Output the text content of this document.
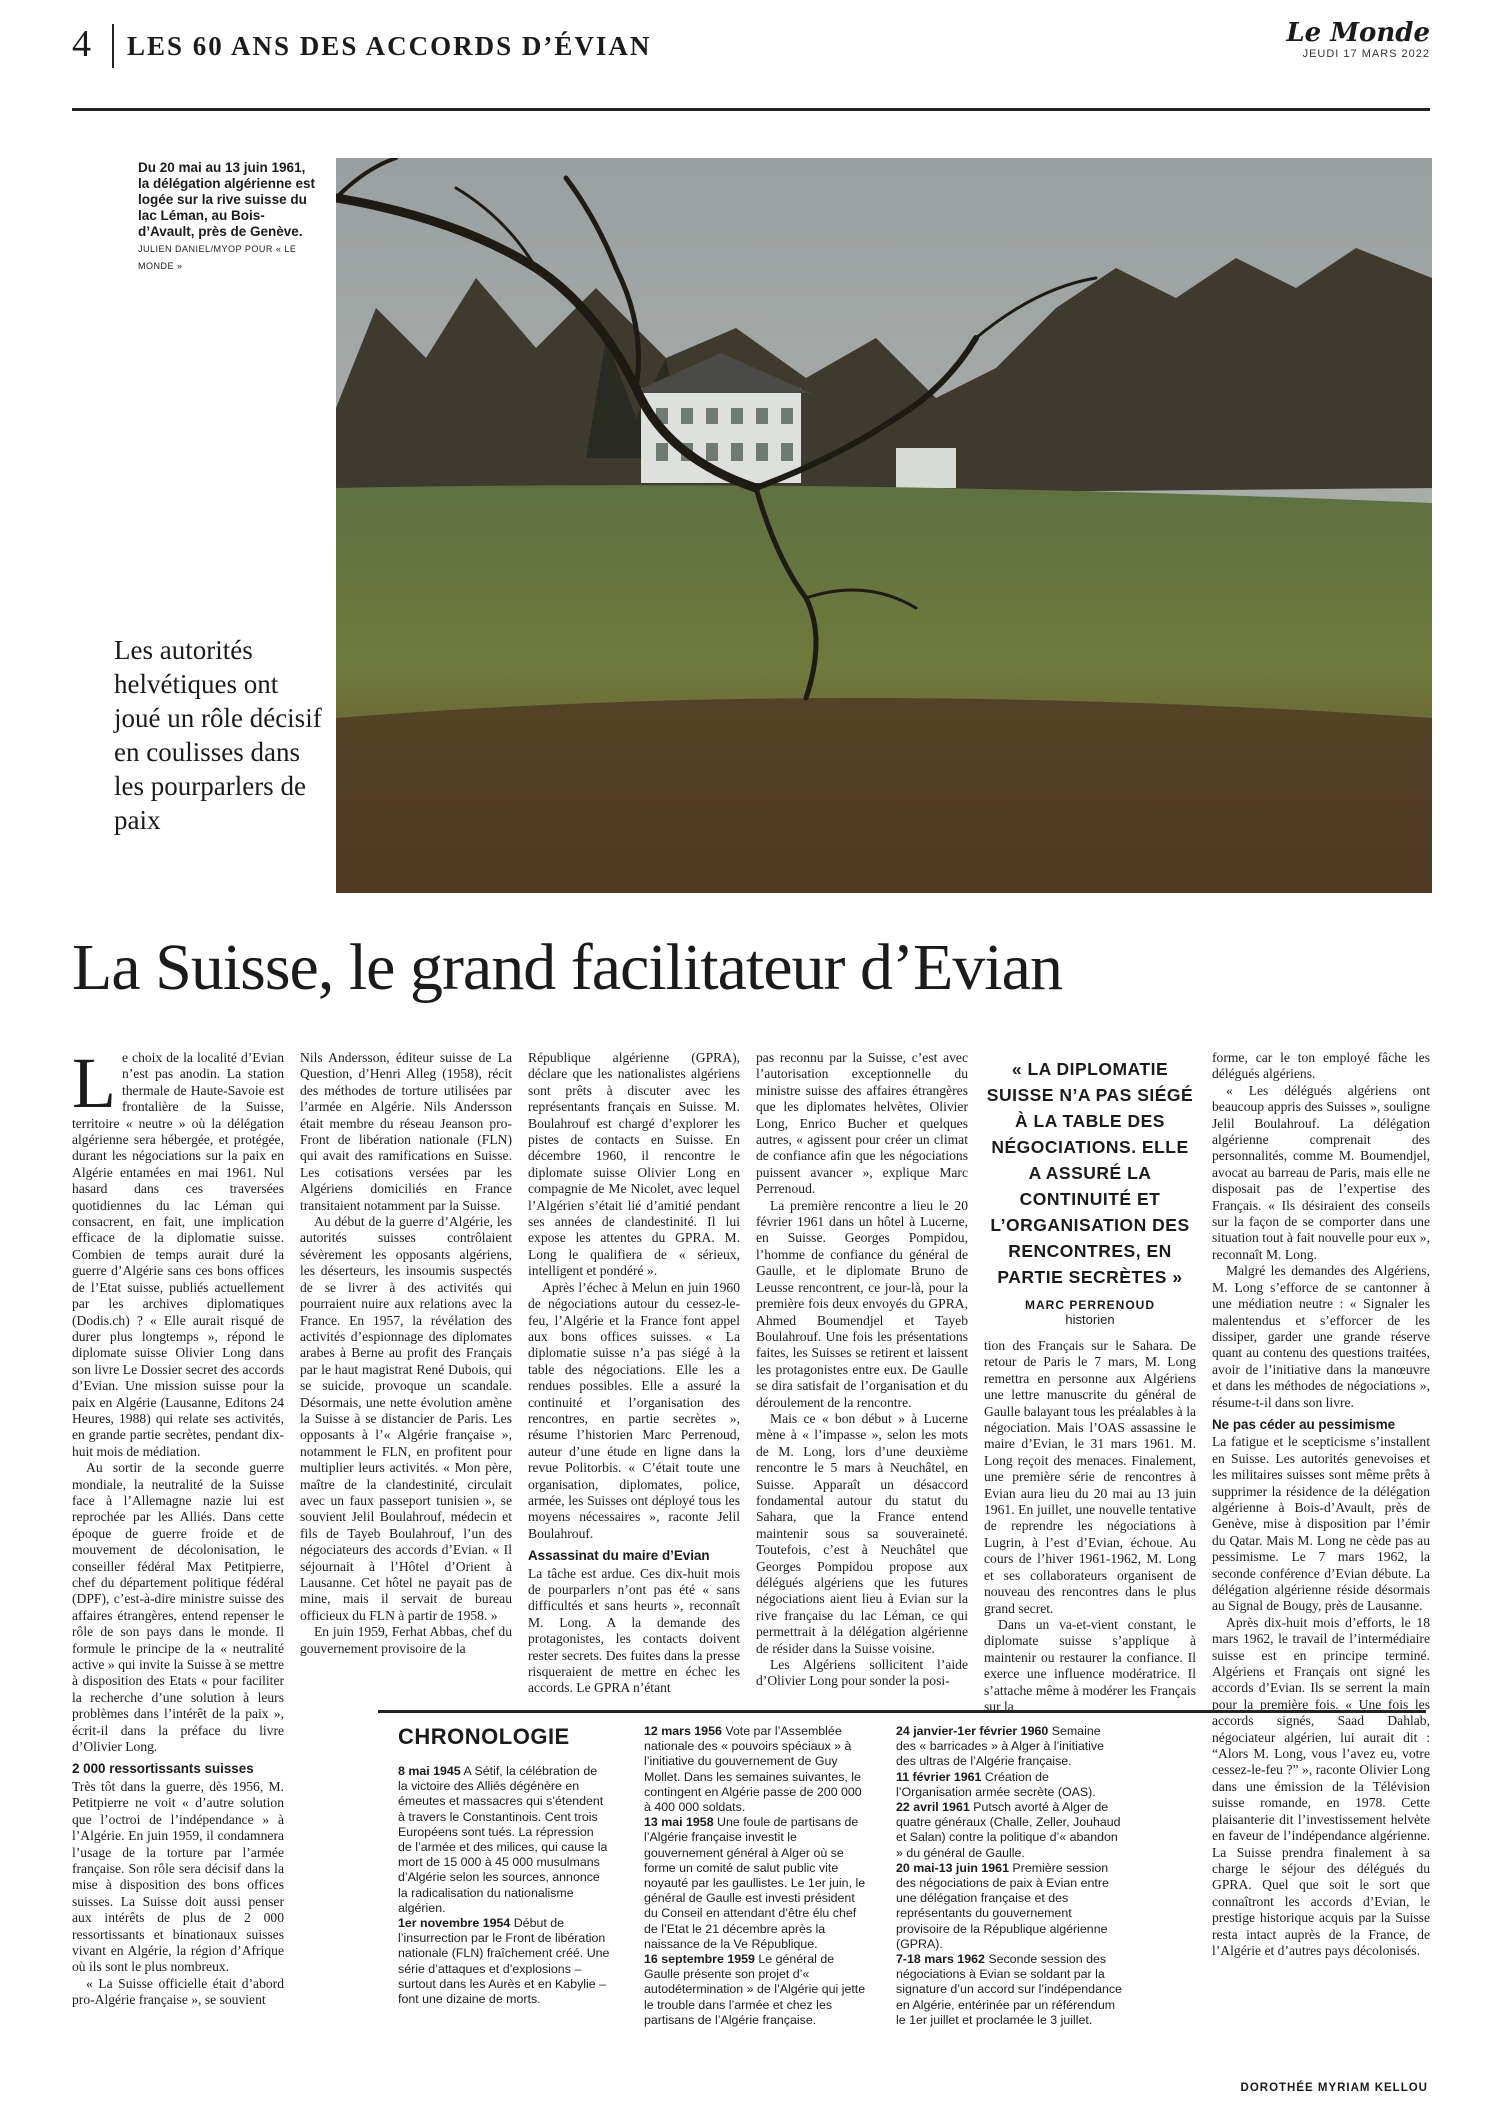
4 LES 60 ANS DES ACCORDS D’ÉVIAN	Le Monde
JEUDI 17 MARS 2022
Du 20 mai au 13 juin 1961, la délégation algérienne est logée sur la rive suisse du lac Léman, au Bois-d’Avault, près de Genève. JULIEN DANIEL/MYOP POUR « LE MONDE »
Les autorités helvétiques ont joué un rôle décisif en coulisses dans les pourparlers de paix
La Suisse, le grand facilitateur d’Evian

Le choix de la localité d’Evian n’est pas anodin. La station thermale de Haute-Savoie est frontalière de la Suisse, territoire « neutre » où la délégation algérienne sera hébergée, et protégée, durant les négociations sur la paix en Algérie entamées en mai 1961. Nul hasard dans ces traversées quotidiennes du lac Léman qui consacrent, en fait, une implication efficace de la diplomatie suisse. Combien de temps aurait duré la guerre d’Algérie sans ces bons offices de l’Etat suisse, publiés actuellement par les archives diplomatiques (Dodis.ch) ? « Elle aurait risqué de durer plus longtemps », répond le diplomate suisse Olivier Long dans son livre Le Dossier secret des accords d’Evian. Une mission suisse pour la paix en Algérie (Lausanne, Editons 24 Heures, 1988) qui relate ses activités, en grande partie secrètes, pendant dix-huit mois de médiation.

Au sortir de la seconde guerre mondiale, la neutralité de la Suisse face à l’Allemagne nazie lui est reprochée par les Alliés. Dans cette époque de guerre froide et de mouvement de décolonisation, le conseiller fédéral Max Petitpierre, chef du département politique fédéral (DPF), c’est-à-dire ministre suisse des affaires étrangères, entend repenser le rôle de son pays dans le monde. Il formule le principe de la « neutralité active » qui invite la Suisse à se mettre à disposition des Etats « pour faciliter la recherche d’une solution à leurs problèmes dans l’intérêt de la paix », écrit-il dans la préface du livre d’Olivier Long.

2 000 ressortissants suisses

Très tôt dans la guerre, dès 1956, M. Petitpierre ne voit « d’autre solution que l’octroi de l’indépendance » à l’Algérie. En juin 1959, il condamnera l’usage de la torture par l’armée française. Son rôle sera décisif dans la mise à disposition des bons offices suisses. La Suisse doit aussi penser aux intérêts de plus de 2 000 ressortissants et binationaux suisses vivant en Algérie, la région d’Afrique où ils sont le plus nombreux.

« La Suisse officielle était d’abord pro-Algérie française », se souvient

Nils Andersson, éditeur suisse de La Question, d’Henri Alleg (1958), récit des méthodes de torture utilisées par l’armée en Algérie. Nils Andersson était membre du réseau Jeanson pro-Front de libération nationale (FLN) qui avait des ramifications en Suisse. Les cotisations versées par les Algériens domiciliés en France transitaient notamment par la Suisse.

Au début de la guerre d’Algérie, les autorités suisses contrôlaient sévèrement les opposants algériens, les déserteurs, les insoumis suspectés de se livrer à des activités qui pourraient nuire aux relations avec la France. En 1957, la révélation des activités d’espionnage des diplomates arabes à Berne au profit des Français par le haut magistrat René Dubois, qui se suicide, provoque un scandale. Désormais, une nette évolution amène la Suisse à se distancier de Paris. Les opposants à l’« Algérie française », notamment le FLN, en profitent pour multiplier leurs activités. « Mon père, maître de la clandestinité, circulait avec un faux passeport tunisien », se souvient Jelil Boulahrouf, médecin et fils de Tayeb Boulahrouf, l’un des négociateurs des accords d’Evian. « Il séjournait à l’Hôtel d’Orient à Lausanne. Cet hôtel ne payait pas de mine, mais il servait de bureau officieux du FLN à partir de 1958. »

En juin 1959, Ferhat Abbas, chef du gouvernement provisoire de la

République algérienne (GPRA), déclare que les nationalistes algériens sont prêts à discuter avec les représentants français en Suisse. M. Boulahrouf est chargé d’explorer les pistes de contacts en Suisse. En décembre 1960, il rencontre le diplomate suisse Olivier Long en compagnie de Me Nicolet, avec lequel l’Algérien s’était lié d’amitié pendant ses années de clandestinité. Il lui expose les attentes du GPRA. M. Long le qualifiera de « sérieux, intelligent et pondéré ».

Après l’échec à Melun en juin 1960 de négociations autour du cessez-le-feu, l’Algérie et la France font appel aux bons offices suisses. « La diplomatie suisse n’a pas siégé à la table des négociations. Elle les a rendues possibles. Elle a assuré la continuité et l’organisation des rencontres, en partie secrètes », résume l’historien Marc Perrenoud, auteur d’une étude en ligne dans la revue Politorbis. « C’était toute une organisation, diplomates, police, armée, les Suisses ont déployé tous les moyens nécessaires », raconte Jelil Boulahrouf.

Assassinat du maire d’Evian

La tâche est ardue. Ces dix-huit mois de pourparlers n’ont pas été « sans difficultés et sans heurts », reconnaît M. Long. A la demande des protagonistes, les contacts doivent rester secrets. Des fuites dans la presse risqueraient de mettre en échec les accords. Le GPRA n’étant

pas reconnu par la Suisse, c’est avec l’autorisation exceptionnelle du ministre suisse des affaires étrangères que les diplomates helvètes, Olivier Long, Enrico Bucher et quelques autres, « agissent pour créer un climat de confiance afin que les négociations puissent avancer », explique Marc Perrenoud.

La première rencontre a lieu le 20 février 1961 dans un hôtel à Lucerne, en Suisse. Georges Pompidou, l’homme de confiance du général de Gaulle, et le diplomate Bruno de Leusse rencontrent, ce jour-là, pour la première fois deux envoyés du GPRA, Ahmed Boumendjel et Tayeb Boulahrouf. Une fois les présentations faites, les Suisses se retirent et laissent les protagonistes entre eux. De Gaulle se dira satisfait de l’organisation et du déroulement de la rencontre.

Mais ce « bon début » à Lucerne mène à « l’impasse », selon les mots de M. Long, lors d’une deuxième rencontre le 5 mars à Neuchâtel, en Suisse. Apparaît un désaccord fondamental autour du statut du Sahara, que la France entend maintenir sous sa souveraineté. Toutefois, c’est à Neuchâtel que Georges Pompidou propose aux délégués algériens que les futures négociations aient lieu à Evian sur la rive française du lac Léman, ce qui permettrait à la délégation algérienne de résider dans la Suisse voisine.

Les Algériens sollicitent l’aide d’Olivier Long pour sonder la posi-

« LA DIPLOMATIE SUISSE N’A PAS SIÉGÉ À LA TABLE DES NÉGOCIATIONS. ELLE A ASSURÉ LA CONTINUITÉ ET L’ORGANISATION DES RENCONTRES, EN PARTIE SECRÈTES »
MARC PERRENOUD
historien

tion des Français sur le Sahara. De retour de Paris le 7 mars, M. Long remettra en personne aux Algériens une lettre manuscrite du général de Gaulle balayant tous les préalables à la négociation. Mais l’OAS assassine le maire d’Evian, le 31 mars 1961. M. Long reçoit des menaces. Finalement, une première série de rencontres à Evian aura lieu du 20 mai au 13 juin 1961. En juillet, une nouvelle tentative de reprendre les négociations à Lugrin, à l’est d’Evian, échoue. Au cours de l’hiver 1961-1962, M. Long et ses collaborateurs organisent de nouveau des rencontres dans le plus grand secret.

Dans un va-et-vient constant, le diplomate suisse s’applique à maintenir ou restaurer la confiance. Il exerce une influence modératrice. Il s’attache même à modérer les Français sur la

forme, car le ton employé fâche les délégués algériens.

« Les délégués algériens ont beaucoup appris des Suisses », souligne Jelil Boulahrouf. La délégation algérienne comprenait des personnalités, comme M. Boumendjel, avocat au barreau de Paris, mais elle ne disposait pas de l’expertise des Français. « Ils désiraient des conseils sur la façon de se comporter dans une situation tout à fait nouvelle pour eux », reconnaît M. Long.

Malgré les demandes des Algériens, M. Long s’efforce de se cantonner à une médiation neutre : « Signaler les malentendus et s’efforcer de les dissiper, garder une grande réserve quant au contenu des questions traitées, avoir de l’initiative dans la manœuvre et dans les méthodes de négociations », résume-t-il dans son livre.

Ne pas céder au pessimisme

La fatigue et le scepticisme s’installent en Suisse. Les autorités genevoises et les militaires suisses sont même prêts à supprimer la résidence de la délégation algérienne à Bois-d’Avault, près de Genève, mise à disposition par l’émir du Qatar. Mais M. Long ne cède pas au pessimisme. Le 7 mars 1962, la seconde conférence d’Evian débute. La délégation algérienne réside désormais au Signal de Bougy, près de Lausanne.

Après dix-huit mois d’efforts, le 18 mars 1962, le travail de l’intermédiaire suisse est en principe terminé. Algériens et Français ont signé les accords d’Evian. Ils se serrent la main pour la première fois. « Une fois les accords signés, Saad Dahlab, négociateur algérien, lui aurait dit : “Alors M. Long, vous l’avez eu, votre cessez-le-feu ?” », raconte Olivier Long dans une émission de la Télévision suisse romande, en 1978. Cette plaisanterie dit l’investissement helvète en faveur de l’indépendance algérienne. La Suisse prendra finalement à sa charge le séjour des délégués du GPRA. Quel que soit le sort que connaîtront les accords d’Evian, le prestige historique acquis par la Suisse resta intact auprès de la France, de l’Algérie et d’autres pays décolonisés.

CHRONOLOGIE

8 mai 1945 A Sétif, la célébration de la victoire des Alliés dégénère en émeutes et massacres qui s’étendent à travers le Constantinois. Cent trois Européens sont tués. La répression de l’armée et des milices, qui cause la mort de 15 000 à 45 000 musulmans d’Algérie selon les sources, annonce la radicalisation du nationalisme algérien.

1er novembre 1954 Début de l’insurrection par le Front de libération nationale (FLN) fraîchement créé. Une série d’attaques et d’explosions – surtout dans les Aurès et en Kabylie – font une dizaine de morts.

12 mars 1956 Vote par l’Assemblée nationale des « pouvoirs spéciaux » à l’initiative du gouvernement de Guy Mollet. Dans les semaines suivantes, le contingent en Algérie passe de 200 000 à 400 000 soldats.

13 mai 1958 Une foule de partisans de l’Algérie française investit le gouvernement général à Alger où se forme un comité de salut public vite noyauté par les gaullistes. Le 1er juin, le général de Gaulle est investi président du Conseil en attendant d’être élu chef de l’Etat le 21 décembre après la naissance de la Ve République.

16 septembre 1959 Le général de Gaulle présente son projet d’« autodétermination » de l’Algérie qui jette le trouble dans l’armée et chez les partisans de l’Algérie française.

24 janvier-1er février 1960 Semaine des « barricades » à Alger à l’initiative des ultras de l’Algérie française.

11 février 1961 Création de l’Organisation armée secrète (OAS).

22 avril 1961 Putsch avorté à Alger de quatre généraux (Challe, Zeller, Jouhaud et Salan) contre la politique d’« abandon » du général de Gaulle.

20 mai-13 juin 1961 Première session des négociations de paix à Evian entre une délégation française et des représentants du gouvernement provisoire de la République algérienne (GPRA).

7-18 mars 1962 Seconde session des négociations à Evian se soldant par la signature d’un accord sur l’indépendance en Algérie, entérinée par un référendum le 1er juillet et proclamée le 3 juillet.

DOROTHÉE MYRIAM KELLOU
